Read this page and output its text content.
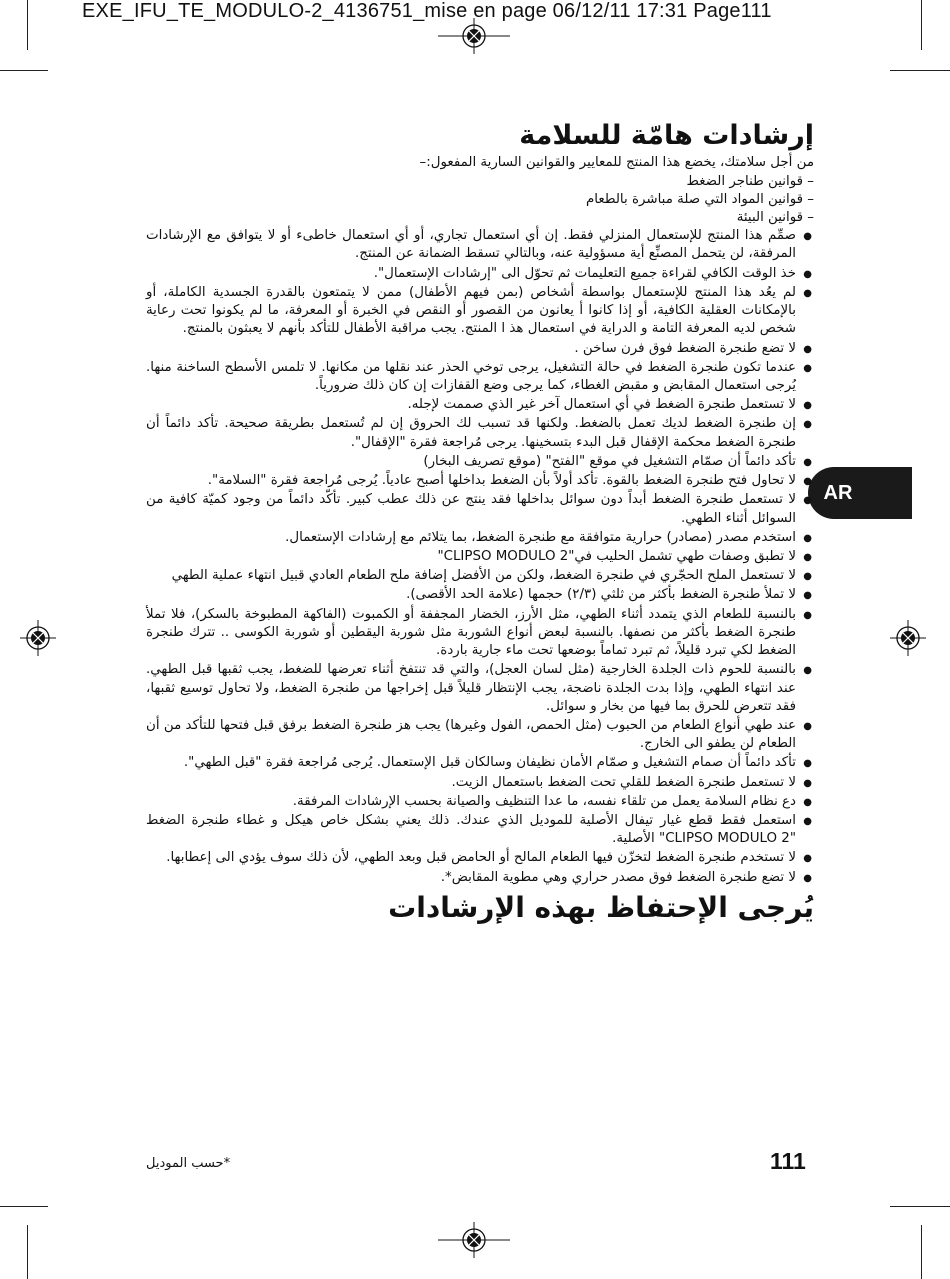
EXE_IFU_TE_MODULO-2_4136751_mise en page 06/12/11 17:31 Page111
AR
إرشادات هامّة للسلامة

من أجل سلامتك، يخضع هذا المنتج للمعايير والقوانين السارية المفعول:–

– قوانين طناجر الضغط
– قوانين المواد التي صلة مباشرة بالطعام
– قوانين البيئة
● صمِّم هذا المنتج للإستعمال المنزلي فقط. إن أي استعمال تجاري، أو أي استعمال خاطىء أو لا يتوافق مع الإرشادات المرفقة، لن يتحمل المصنِّع أية مسؤولية عنه، وبالتالي تسقط الضمانة عن المنتج.
● خذ الوقت الكافي لقراءة جميع التعليمات ثم تحوّل الى "إرشادات الإستعمال".
● لم يعُد هذا المنتج للإستعمال بواسطة أشخاص (بمن فيهم الأطفال) ممن لا يتمتعون بالقدرة الجسدية الكاملة، أو بالإمكانات العقلية الكافية، أو إذا كانوا أ يعانون من القصور أو النقص في الخبرة أو المعرفة، ما لم يكونوا تحت رعاية شخص لديه المعرفة التامة و الدراية في استعمال هذ ا المنتج. يجب مراقبة الأطفال للتأكد بأنهم لا يعبثون بالمنتج.
● لا تضع طنجرة الضغط فوق فرن ساخن .
● عندما تكون طنجرة الضغط في حالة التشغيل، يرجى توخي الحذر عند نقلها من مكانها. لا تلمس الأسطح الساخنة منها. يُرجى استعمال المقابض و مقبض الغطاء، كما يرجى وضع القفازات إن كان ذلك ضرورياً.
● لا تستعمل طنجرة الضغط في أي استعمال آخر غير الذي صممت لإجله.
● إن طنجرة الضغط لديك تعمل بالضغط. ولكنها قد تسبب لك الحروق إن لم تُستعمل بطريقة صحيحة. تأكد دائماً أن طنجرة الضغط محكمة الإقفال قبل البدء بتسخينها. يرجى مُراجعة فقرة "الإقفال".
● تأكد دائماً أن صمّام التشغيل في موقع "الفتح" (موقع تصريف البخار)
● لا تحاول فتح طنجرة الضغط بالقوة. تأكد أولاً بأن الضغط بداخلها أصبح عادياً. يُرجى مُراجعة فقرة "السلامة".
● لا تستعمل طنجرة الضغط أبداً دون سوائل بداخلها فقد ينتج عن ذلك عطب كبير. تأكّد دائماً من وجود كميّة كافية من السوائل أثناء الطهي.
● استخدم مصدر (مصادر) حرارية متوافقة مع طنجرة الضغط، بما يتلائم مع إرشادات الإستعمال.
● لا تطبق وصفات طهي تشمل الحليب في"CLIPSO MODULO 2"
● لا تستعمل الملح الحجّري في طنجرة الضغط، ولكن من الأفضل إضافة ملح الطعام العادي قبيل انتهاء عملية الطهي
● لا تملأ طنجرة الضغط بأكثر من ثلثي (٢/٣) حجمها (علامة الحد الأقصى).
● بالنسبة للطعام الذي يتمدد أثناء الطهي، مثل الأرز، الخضار المجففة أو الكمبوت (الفاكهة المطبوخة بالسكر)، فلا تملأ طنجرة الضغط بأكثر من نصفها. بالنسبة لبعض أنواع الشوربة مثل شوربة اليقطين أو شوربة الكوسى .. تترك طنجرة الضغط لكي تبرد قليلاً، ثم تبرد تماماً بوضعها تحت ماء جارية باردة.
● بالنسبة للحوم ذات الجلدة الخارجية (مثل لسان العجل)، والتي قد تنتفخ أثناء تعرضها للضغط، يجب ثقبها قبل الطهي. عند انتهاء الطهي، وإذا بدت الجلدة ناضجة، يجب الإنتظار قليلاً قبل إخراجها من طنجرة الضغط، ولا تحاول توسيع ثقبها، فقد تتعرض للحرق بما فيها من بخار و سوائل.
● عند طهي أنواع الطعام من الحبوب (مثل الحمص، الفول وغيرها) يجب هز طنجرة الضغط برفق قبل فتحها للتأكد من أن الطعام لن يطفو الى الخارج.
● تأكد دائماً أن صمام التشغيل و صمّام الأمان نظيفان وسالكان قبل الإستعمال. يُرجى مُراجعة فقرة "قبل الطهي".
● لا تستعمل طنجرة الضغط للقلي تحت الضغط باستعمال الزيت.
● دع نظام السلامة يعمل من تلقاء نفسه، ما عدا التنظيف والصيانة بحسب الإرشادات المرفقة.
● استعمل فقط قطع غيار تيفال الأصلية للموديل الذي عندك. ذلك يعني بشكل خاص هيكل و غطاء طنجرة الضغط "CLIPSO MODULO 2" الأصلية.
● لا تستخدم طنجرة الضغط لتخزّن فيها الطعام المالح أو الحامض قبل وبعد الطهي، لأن ذلك سوف يؤدي الى إعطابها.
● لا تضع طنجرة الضغط فوق مصدر حراري وهي مطوية المقابض*.
يُرجى الإحتفاظ بهذه الإرشادات
111
*حسب الموديل
